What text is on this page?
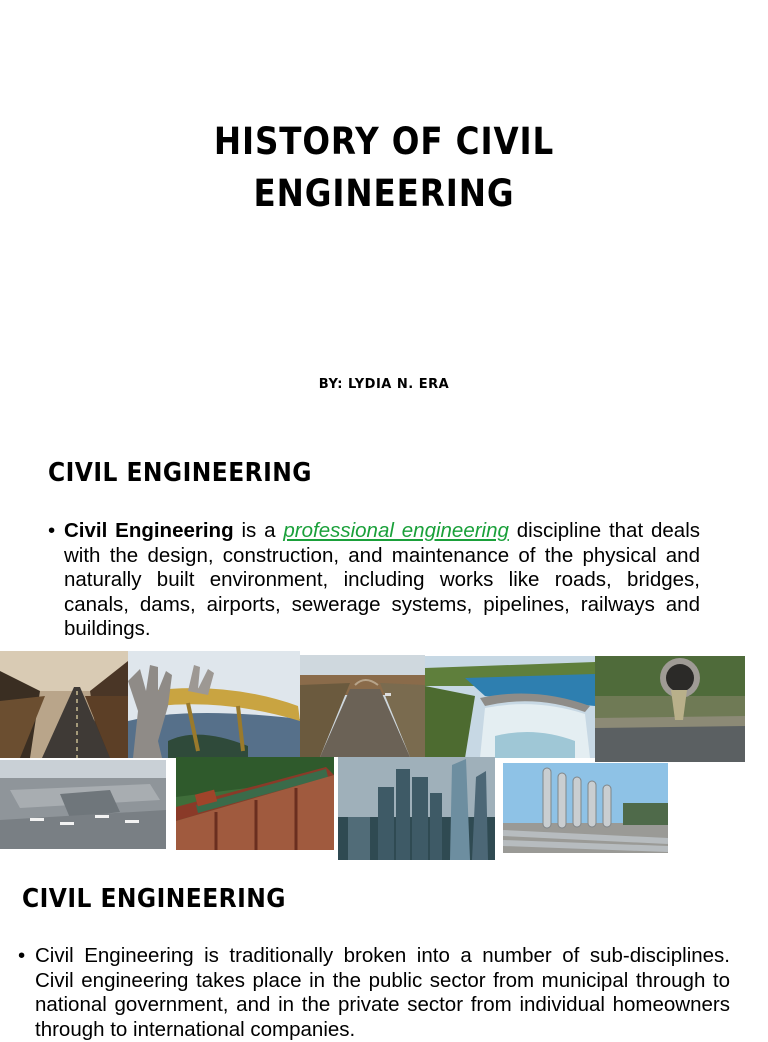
HISTORY OF CIVIL
ENGINEERING
BY: LYDIA N. ERA
CIVIL ENGINEERING
• Civil Engineering is a professional engineering discipline that deals with the design, construction, and maintenance of the physical and naturally built environment, including works like roads, bridges, canals, dams, airports, sewerage systems, pipelines, railways and buildings.
CIVIL ENGINEERING
• Civil Engineering is traditionally broken into a number of sub-disciplines. Civil engineering takes place in the public sector from municipal through to national government, and in the private sector from individual homeowners through to international companies.
